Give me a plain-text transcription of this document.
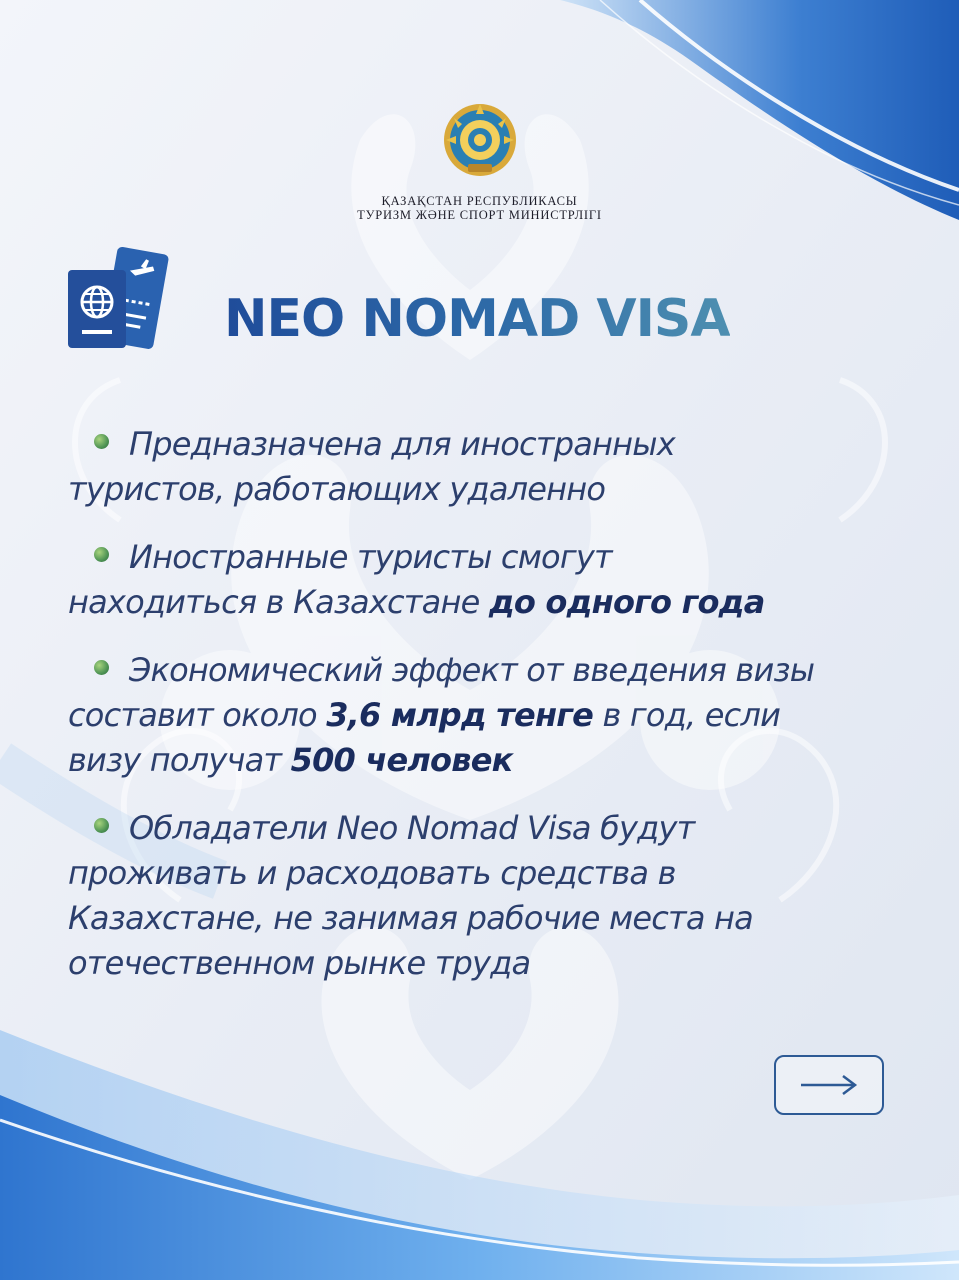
ҚАЗАҚСТАН РЕСПУБЛИКАСЫ
ТУРИЗМ ЖӘНЕ СПОРТ МИНИСТРЛІГІ
NEO NOMAD VISA
Предназначена для иностранных
туристов, работающих удаленно
Иностранные туристы смогут
находиться в Казахстане до одного года
Экономический эффект от введения визы
составит около 3,6 млрд тенге в год, если
визу получат 500 человек
Обладатели Neo Nomad Visa будут
проживать и расходовать средства в
Казахстане, не занимая рабочие места на
отечественном рынке труда
